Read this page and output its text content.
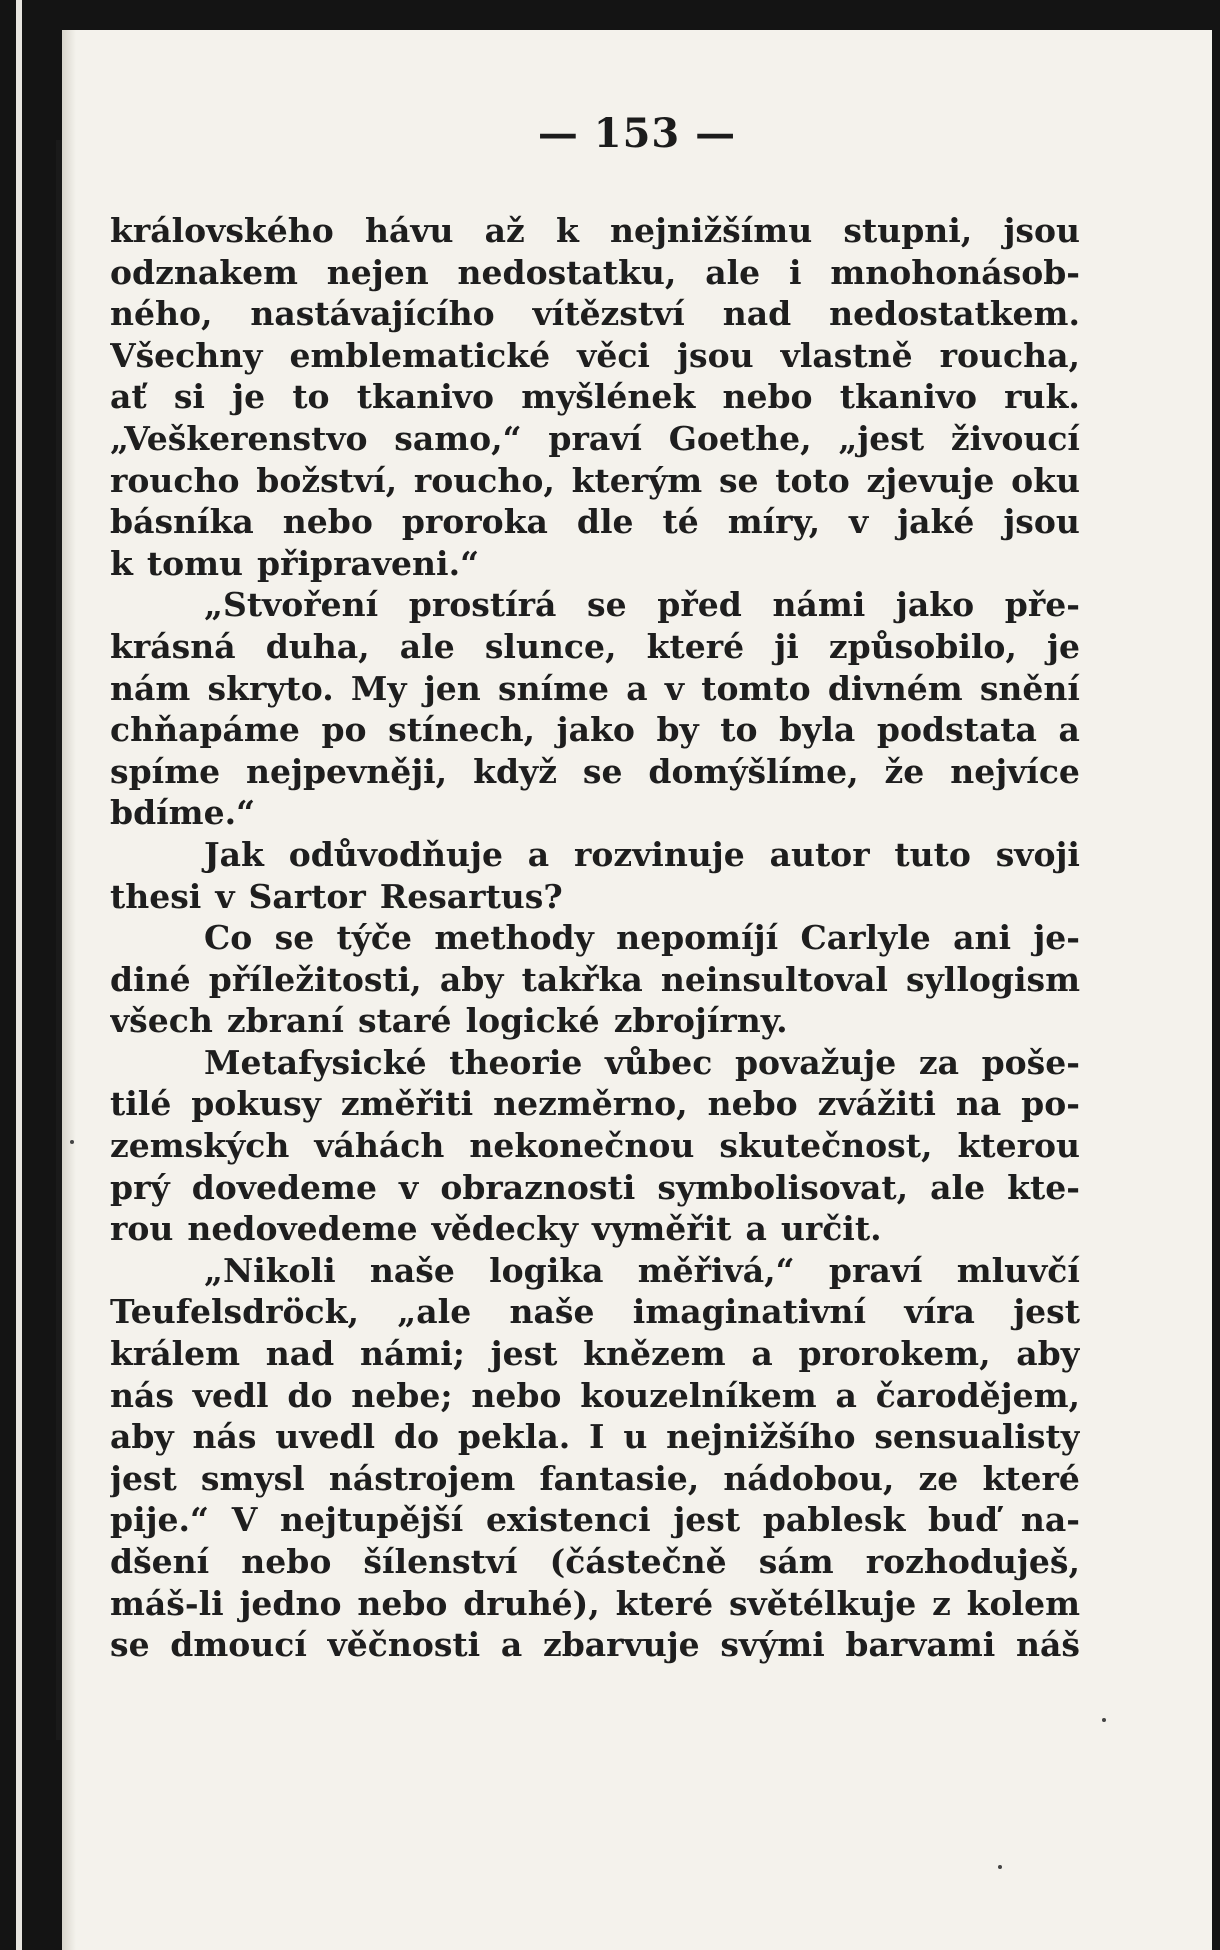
— 153 —
královského hávu až k nejnižšímu stupni, jsou
odznakem nejen nedostatku, ale i mnohonásob-
ného, nastávajícího vítězství nad nedostatkem.
Všechny emblematické věci jsou vlastně roucha,
ať si je to tkanivo myšlének nebo tkanivo ruk.
„Veškerenstvo samo,“ praví Goethe, „jest živoucí
roucho božství, roucho, kterým se toto zjevuje oku
básníka nebo proroka dle té míry, v jaké jsou
k tomu připraveni.“
„Stvoření prostírá se před námi jako pře-
krásná duha, ale slunce, které ji způsobilo, je
nám skryto. My jen sníme a v tomto divném snění
chňapáme po stínech, jako by to byla podstata a
spíme nejpevněji, když se domýšlíme, že nejvíce
bdíme.“
Jak odůvodňuje a rozvinuje autor tuto svoji
thesi v Sartor Resartus?
Co se týče methody nepomíjí Carlyle ani je-
diné příležitosti, aby takřka neinsultoval syllogism
všech zbraní staré logické zbrojírny.
Metafysické theorie vůbec považuje za poše-
tilé pokusy změřiti nezměrno, nebo zvážiti na po-
zemských váhách nekonečnou skutečnost, kterou
prý dovedeme v obraznosti symbolisovat, ale kte-
rou nedovedeme vědecky vyměřit a určit.
„Nikoli naše logika měřivá,“ praví mluvčí
Teufelsdröck, „ale naše imaginativní víra jest
králem nad námi; jest knězem a prorokem, aby
nás vedl do nebe; nebo kouzelníkem a čarodějem,
aby nás uvedl do pekla. I u nejnižšího sensualisty
jest smysl nástrojem fantasie, nádobou, ze které
pije.“ V nejtupější existenci jest pablesk buď na-
dšení nebo šílenství (částečně sám rozhoduješ,
máš-li jedno nebo druhé), které světélkuje z kolem
se dmoucí věčnosti a zbarvuje svými barvami náš
